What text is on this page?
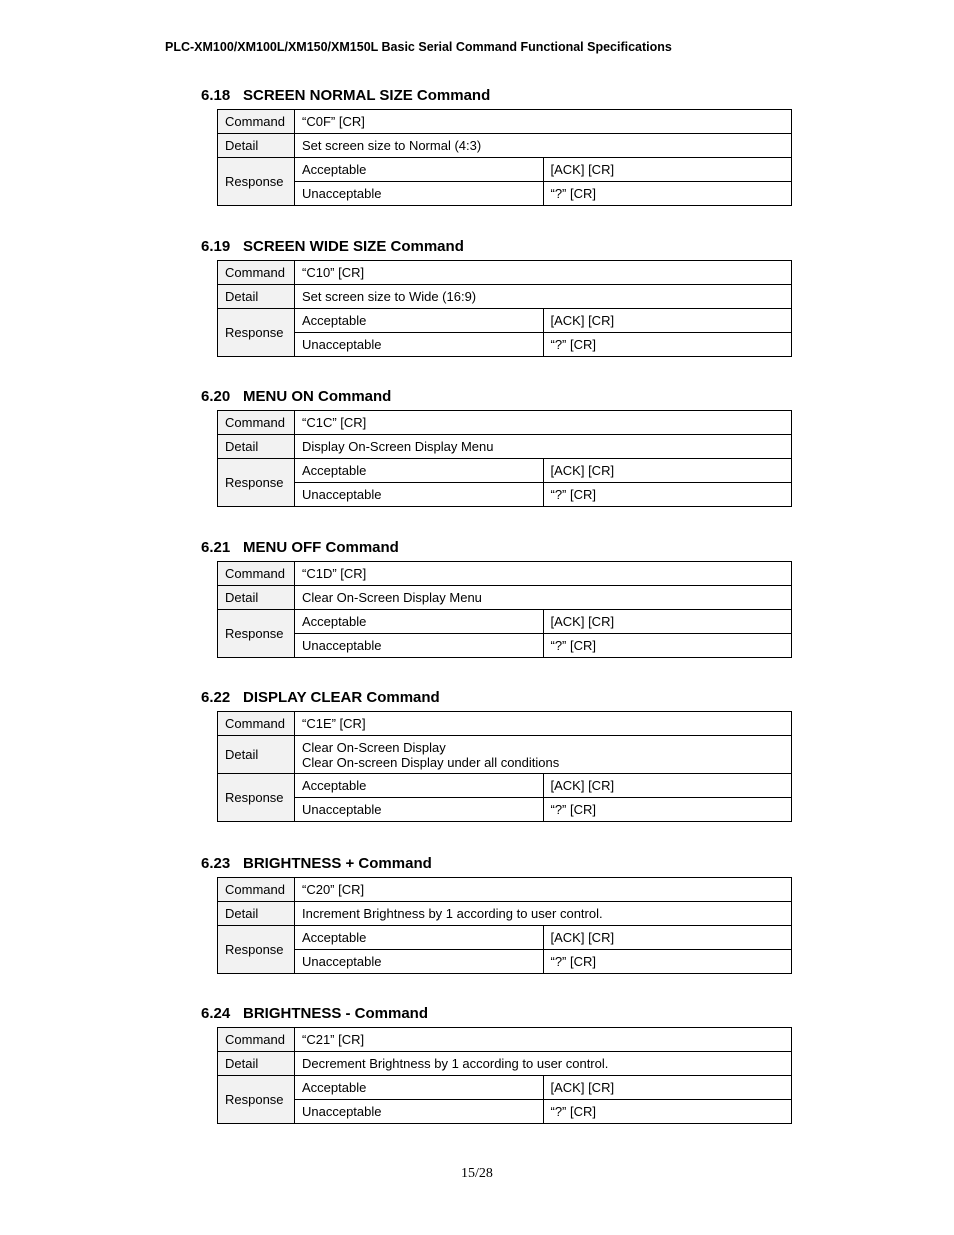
PLC-XM100/XM100L/XM150/XM150L Basic Serial Command Functional Specifications
6.18 SCREEN NORMAL SIZE Command
Command	“C0F” [CR]	
Detail	Set screen size to Normal (4:3)	

Response	Acceptable	[ACK] [CR]
	Unacceptable	“?” [CR]
6.19 SCREEN WIDE SIZE Command
Command	“C10” [CR]	
Detail	Set screen size to Wide (16:9)	

Response	Acceptable	[ACK] [CR]
	Unacceptable	“?” [CR]
6.20 MENU ON Command
Command	“C1C” [CR]	
Detail	Display On-Screen Display Menu	

Response	Acceptable	[ACK] [CR]
	Unacceptable	“?” [CR]
6.21 MENU OFF Command
Command	“C1D” [CR]	
Detail	Clear On-Screen Display Menu	

Response	Acceptable	[ACK] [CR]
	Unacceptable	“?” [CR]
6.22 DISPLAY CLEAR Command
Command	“C1E” [CR]	
Detail	Clear On-Screen Display
Clear On-screen Display under all conditions	

Response	Acceptable	[ACK] [CR]
	Unacceptable	“?” [CR]
6.23 BRIGHTNESS + Command
Command	“C20” [CR]	
Detail	Increment Brightness by 1 according to user control.	

Response	Acceptable	[ACK] [CR]
	Unacceptable	“?” [CR]
6.24 BRIGHTNESS - Command
Command	“C21” [CR]	
Detail	Decrement Brightness by 1 according to user control.	

Response	Acceptable	[ACK] [CR]
	Unacceptable	“?” [CR]
15/28
